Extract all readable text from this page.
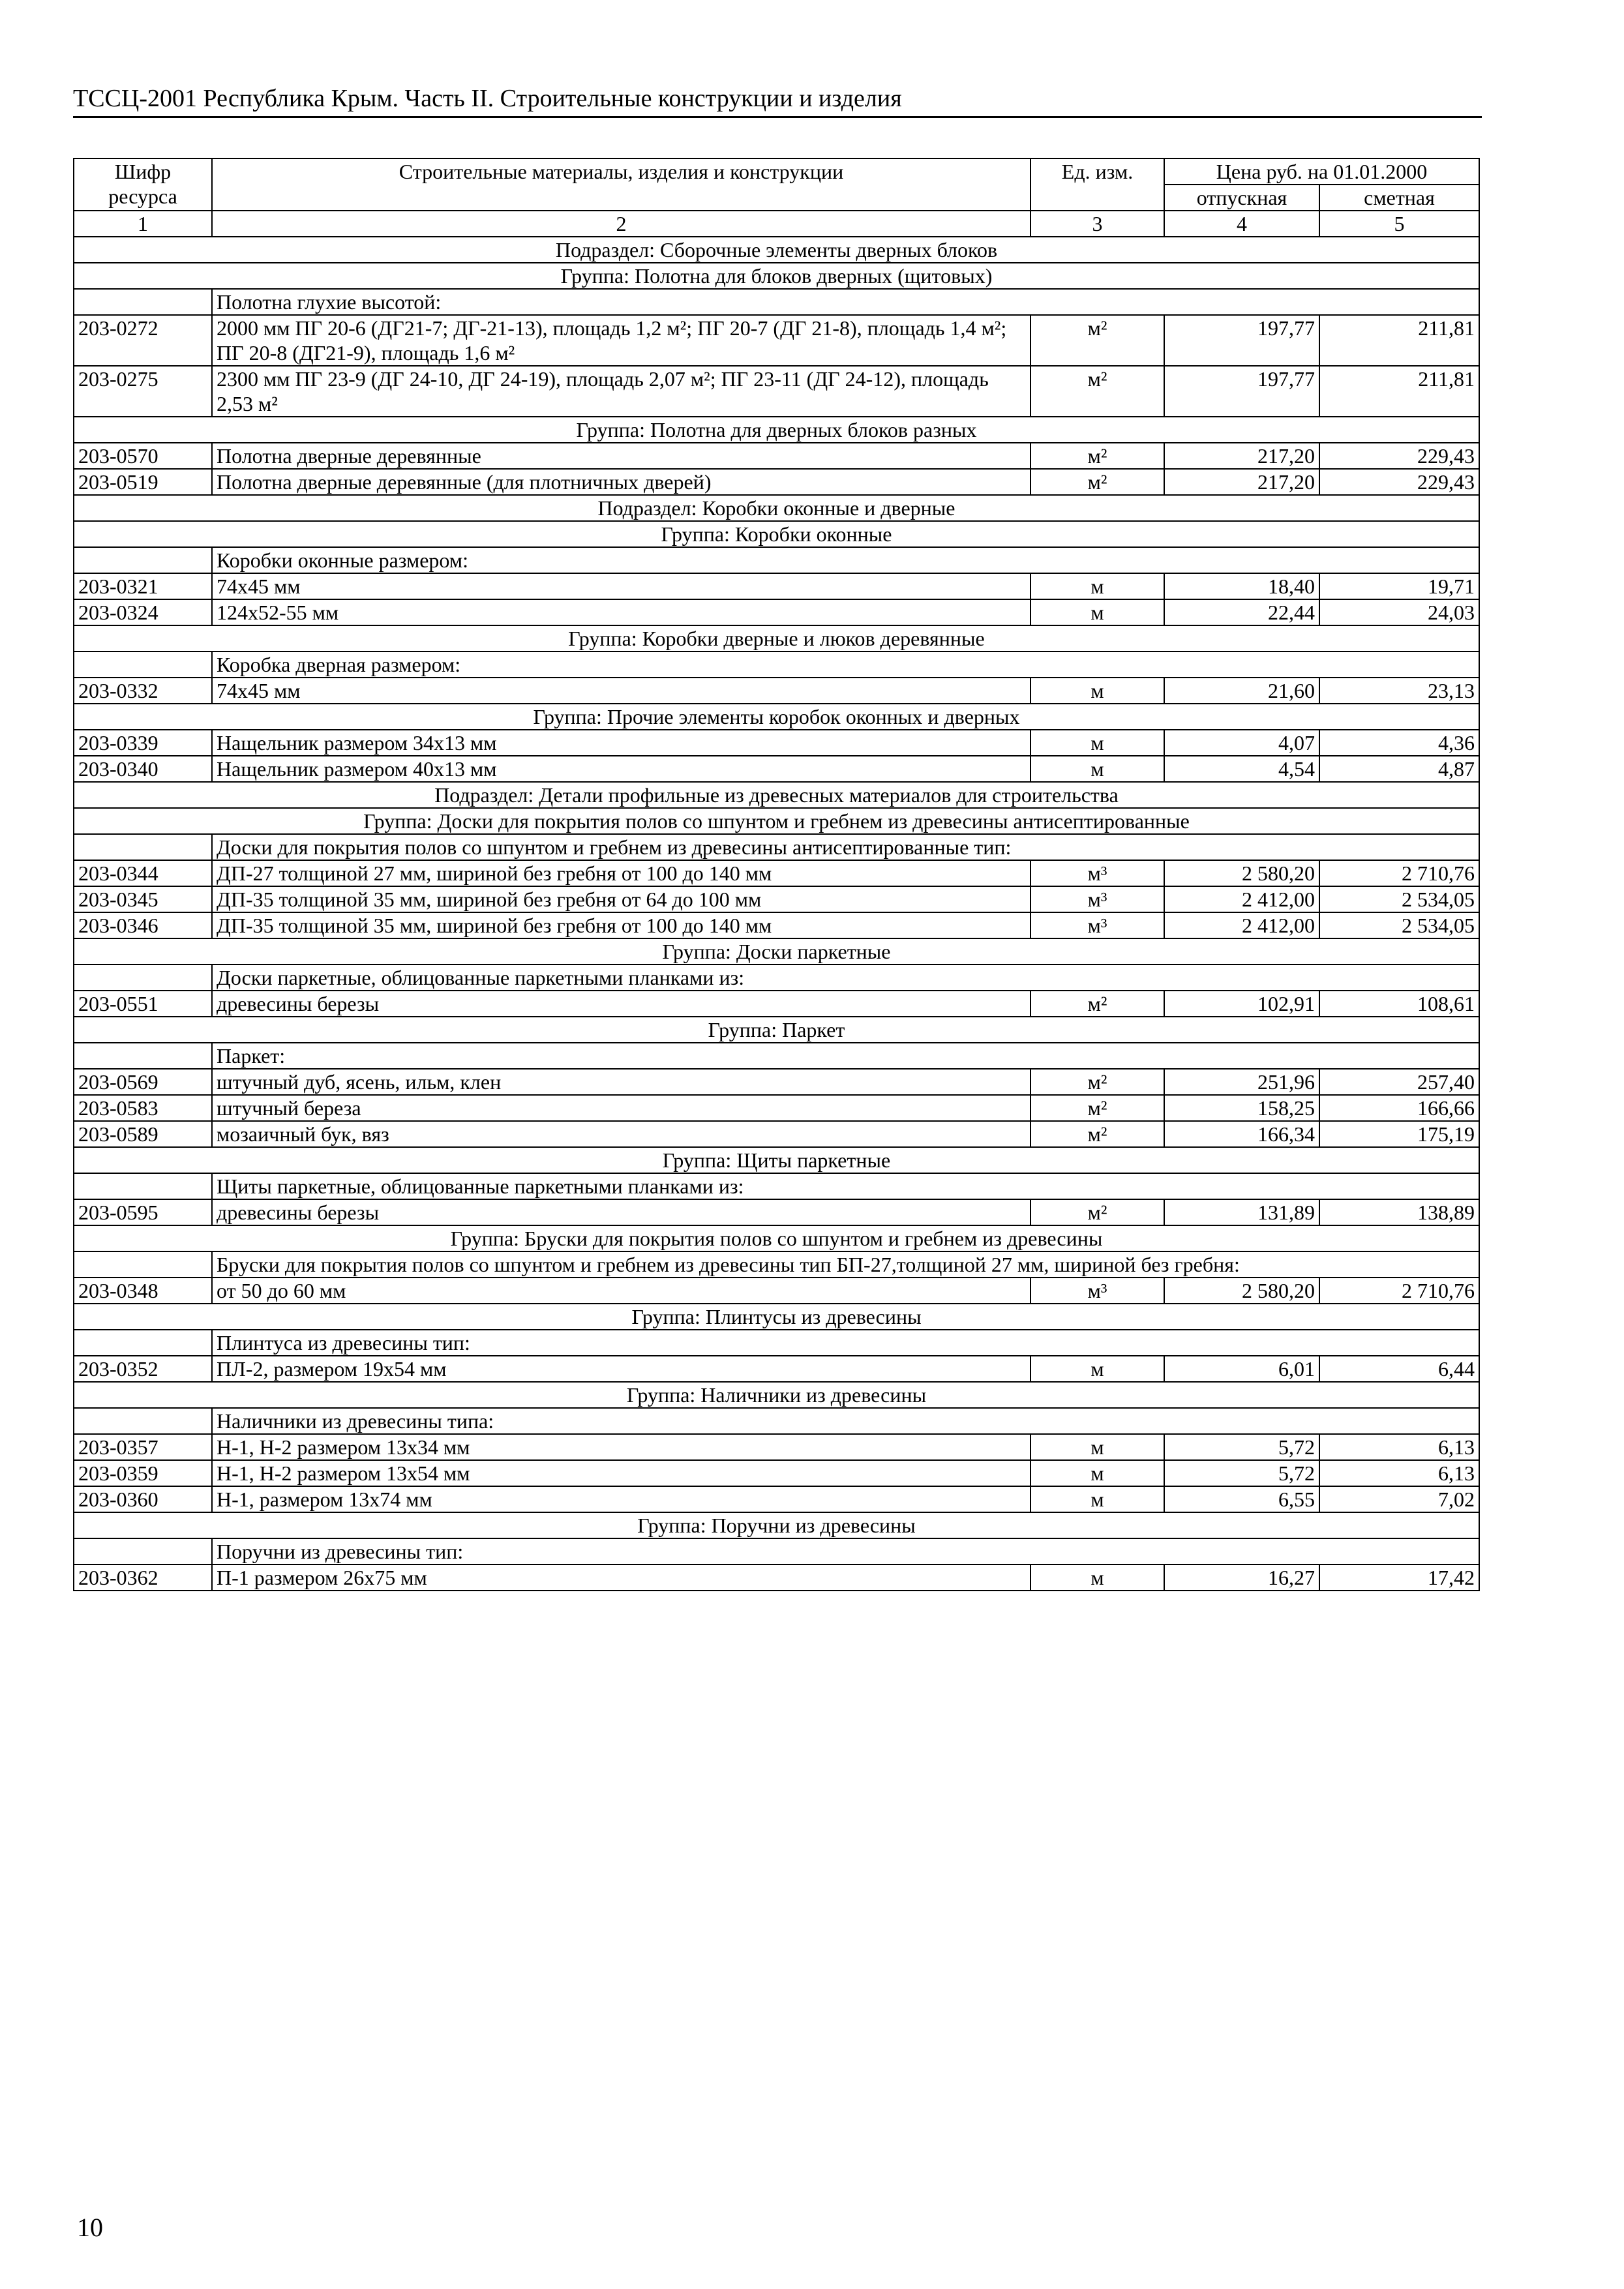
ТССЦ-2001 Республика Крым. Часть II. Строительные конструкции и изделия
Шифр ресурса	Строительные материалы, изделия и конструкции	Ед. изм.	Цена руб. на 01.01.2000	
			отпускная	сметная
1	2	3	4	5
Подраздел: Сборочные элементы дверных блоков				
Группа: Полотна для блоков дверных (щитовых)				
	Полотна глухие высотой:			
203-0272	2000 мм ПГ 20-6 (ДГ21-7; ДГ-21-13), площадь 1,2 м²; ПГ 20-7 (ДГ 21-8), площадь 1,4 м²; ПГ 20-8 (ДГ21-9), площадь 1,6 м²	м²	197,77	211,81
203-0275	2300 мм ПГ 23-9 (ДГ 24-10, ДГ 24-19), площадь 2,07 м²; ПГ 23-11 (ДГ 24-12), площадь 2,53 м²	м²	197,77	211,81
Группа: Полотна для дверных блоков разных				
203-0570	Полотна дверные деревянные	м²	217,20	229,43
203-0519	Полотна дверные деревянные (для плотничных дверей)	м²	217,20	229,43
Подраздел: Коробки оконные и дверные				
Группа: Коробки оконные				
	Коробки оконные размером:			
203-0321	74х45 мм	м	18,40	19,71
203-0324	124х52-55 мм	м	22,44	24,03
Группа: Коробки дверные и люков деревянные				
	Коробка дверная размером:			
203-0332	74х45 мм	м	21,60	23,13
Группа: Прочие элементы коробок оконных и дверных				
203-0339	Нащельник размером 34х13 мм	м	4,07	4,36
203-0340	Нащельник размером 40х13 мм	м	4,54	4,87
Подраздел: Детали профильные из древесных материалов для строительства				
Группа: Доски для покрытия полов со шпунтом и гребнем из древесины антисептированные				
	Доски для покрытия полов со шпунтом и гребнем из древесины антисептированные тип:			
203-0344	ДП-27 толщиной 27 мм, шириной без гребня от 100 до 140 мм	м³	2 580,20	2 710,76
203-0345	ДП-35 толщиной 35 мм, шириной без гребня от 64 до 100 мм	м³	2 412,00	2 534,05
203-0346	ДП-35 толщиной 35 мм, шириной без гребня от 100 до 140 мм	м³	2 412,00	2 534,05
Группа: Доски паркетные				
	Доски паркетные, облицованные паркетными планками из:			
203-0551	древесины березы	м²	102,91	108,61
Группа: Паркет				
	Паркет:			
203-0569	штучный дуб, ясень, ильм, клен	м²	251,96	257,40
203-0583	штучный береза	м²	158,25	166,66
203-0589	мозаичный бук, вяз	м²	166,34	175,19
Группа: Щиты паркетные				
	Щиты паркетные, облицованные паркетными планками из:			
203-0595	древесины березы	м²	131,89	138,89
Группа: Бруски для покрытия полов со шпунтом и гребнем из древесины				
	Бруски для покрытия полов со шпунтом и гребнем из древесины тип БП-27,толщиной 27 мм, шириной без гребня:			
203-0348	от 50 до 60 мм	м³	2 580,20	2 710,76
Группа: Плинтусы из древесины				
	Плинтуса из древесины тип:			
203-0352	ПЛ-2, размером 19х54 мм	м	6,01	6,44
Группа: Наличники из древесины				
	Наличники из древесины типа:			
203-0357	Н-1, Н-2 размером 13х34 мм	м	5,72	6,13
203-0359	Н-1, Н-2 размером 13х54 мм	м	5,72	6,13
203-0360	Н-1, размером 13х74 мм	м	6,55	7,02
Группа: Поручни из древесины				
	Поручни из древесины тип:			
203-0362	П-1 размером 26х75 мм	м	16,27	17,42
10
